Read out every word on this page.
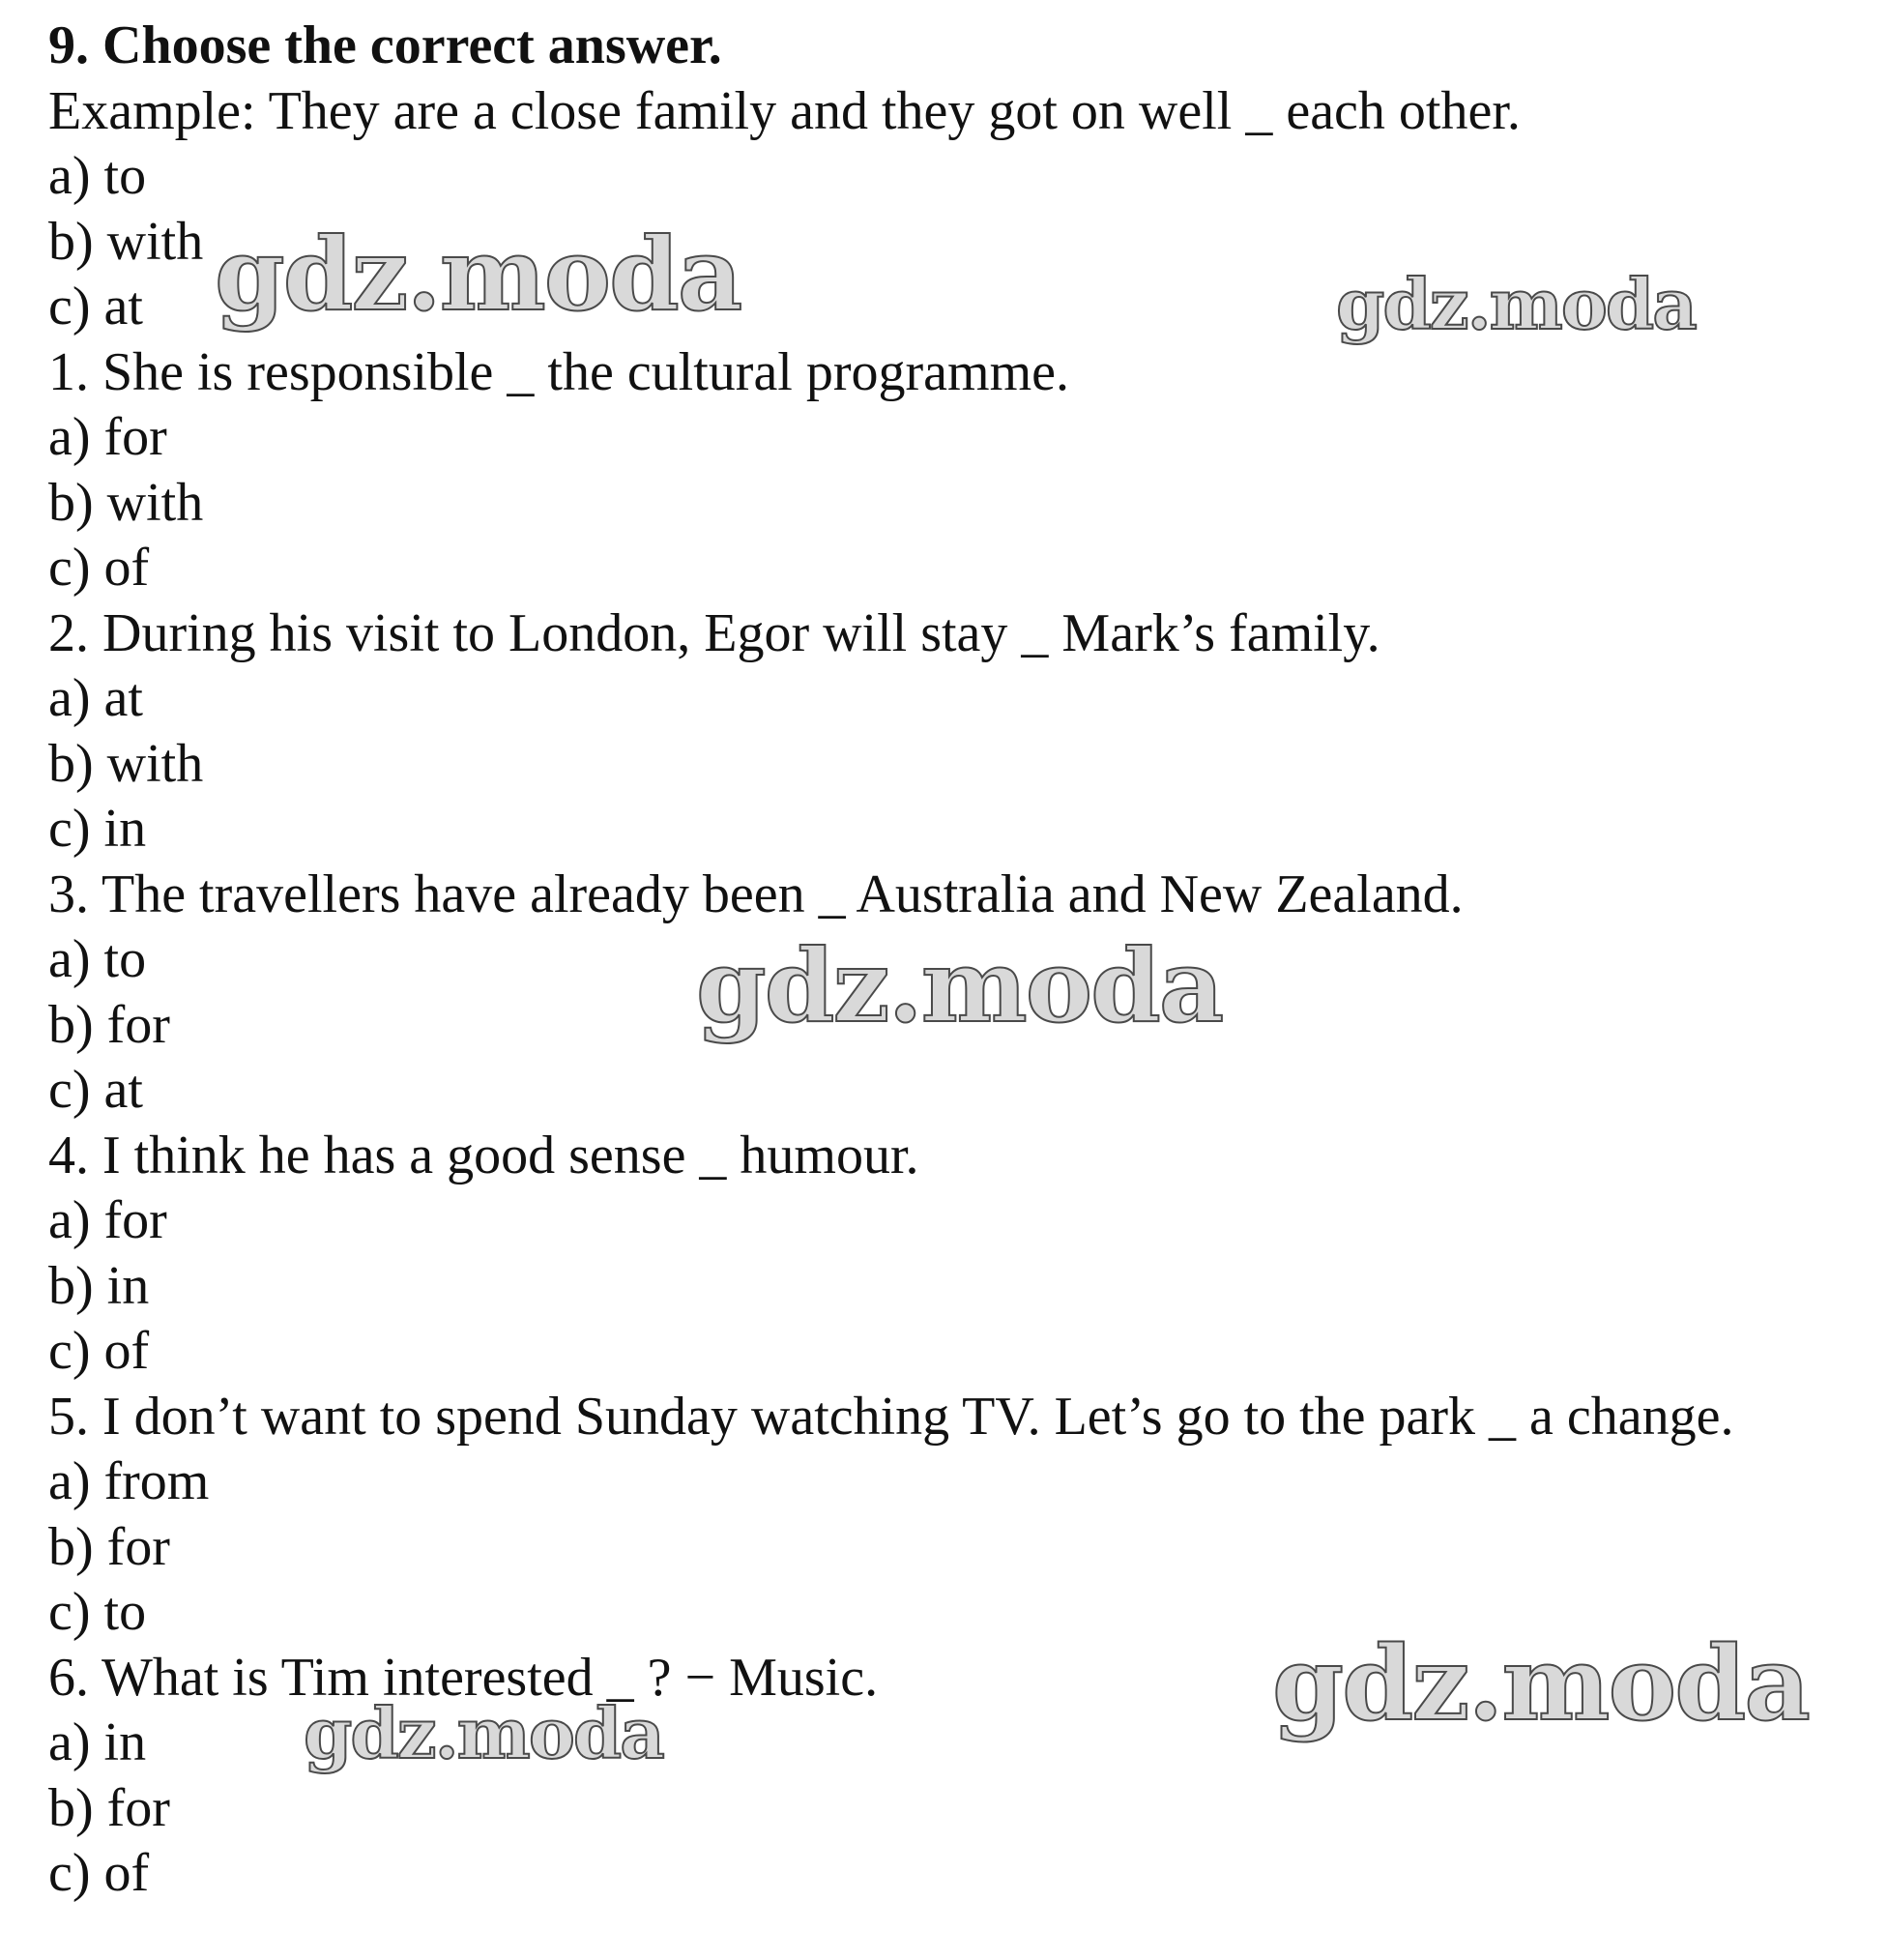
9. Choose the correct answer.
Example: They are a close family and they got on well _ each other.
a) to
b) with
c) at
1. She is responsible _ the cultural programme.
a) for
b) with
c) of
2. During his visit to London, Egor will stay _ Mark’s family.
a) at
b) with
c) in
3. The travellers have already been _ Australia and New Zealand.
a) to
b) for
c) at
4. I think he has a good sense _ humour.
a) for
b) in
c) of
5. I don’t want to spend Sunday watching TV. Let’s go to the park _ a change.
a) from
b) for
c) to
6. What is Tim interested _ ? − Music.
a) in
b) for
c) of
gdz.moda	gdz.moda
gdz.moda
gdz.moda
gdz.moda
